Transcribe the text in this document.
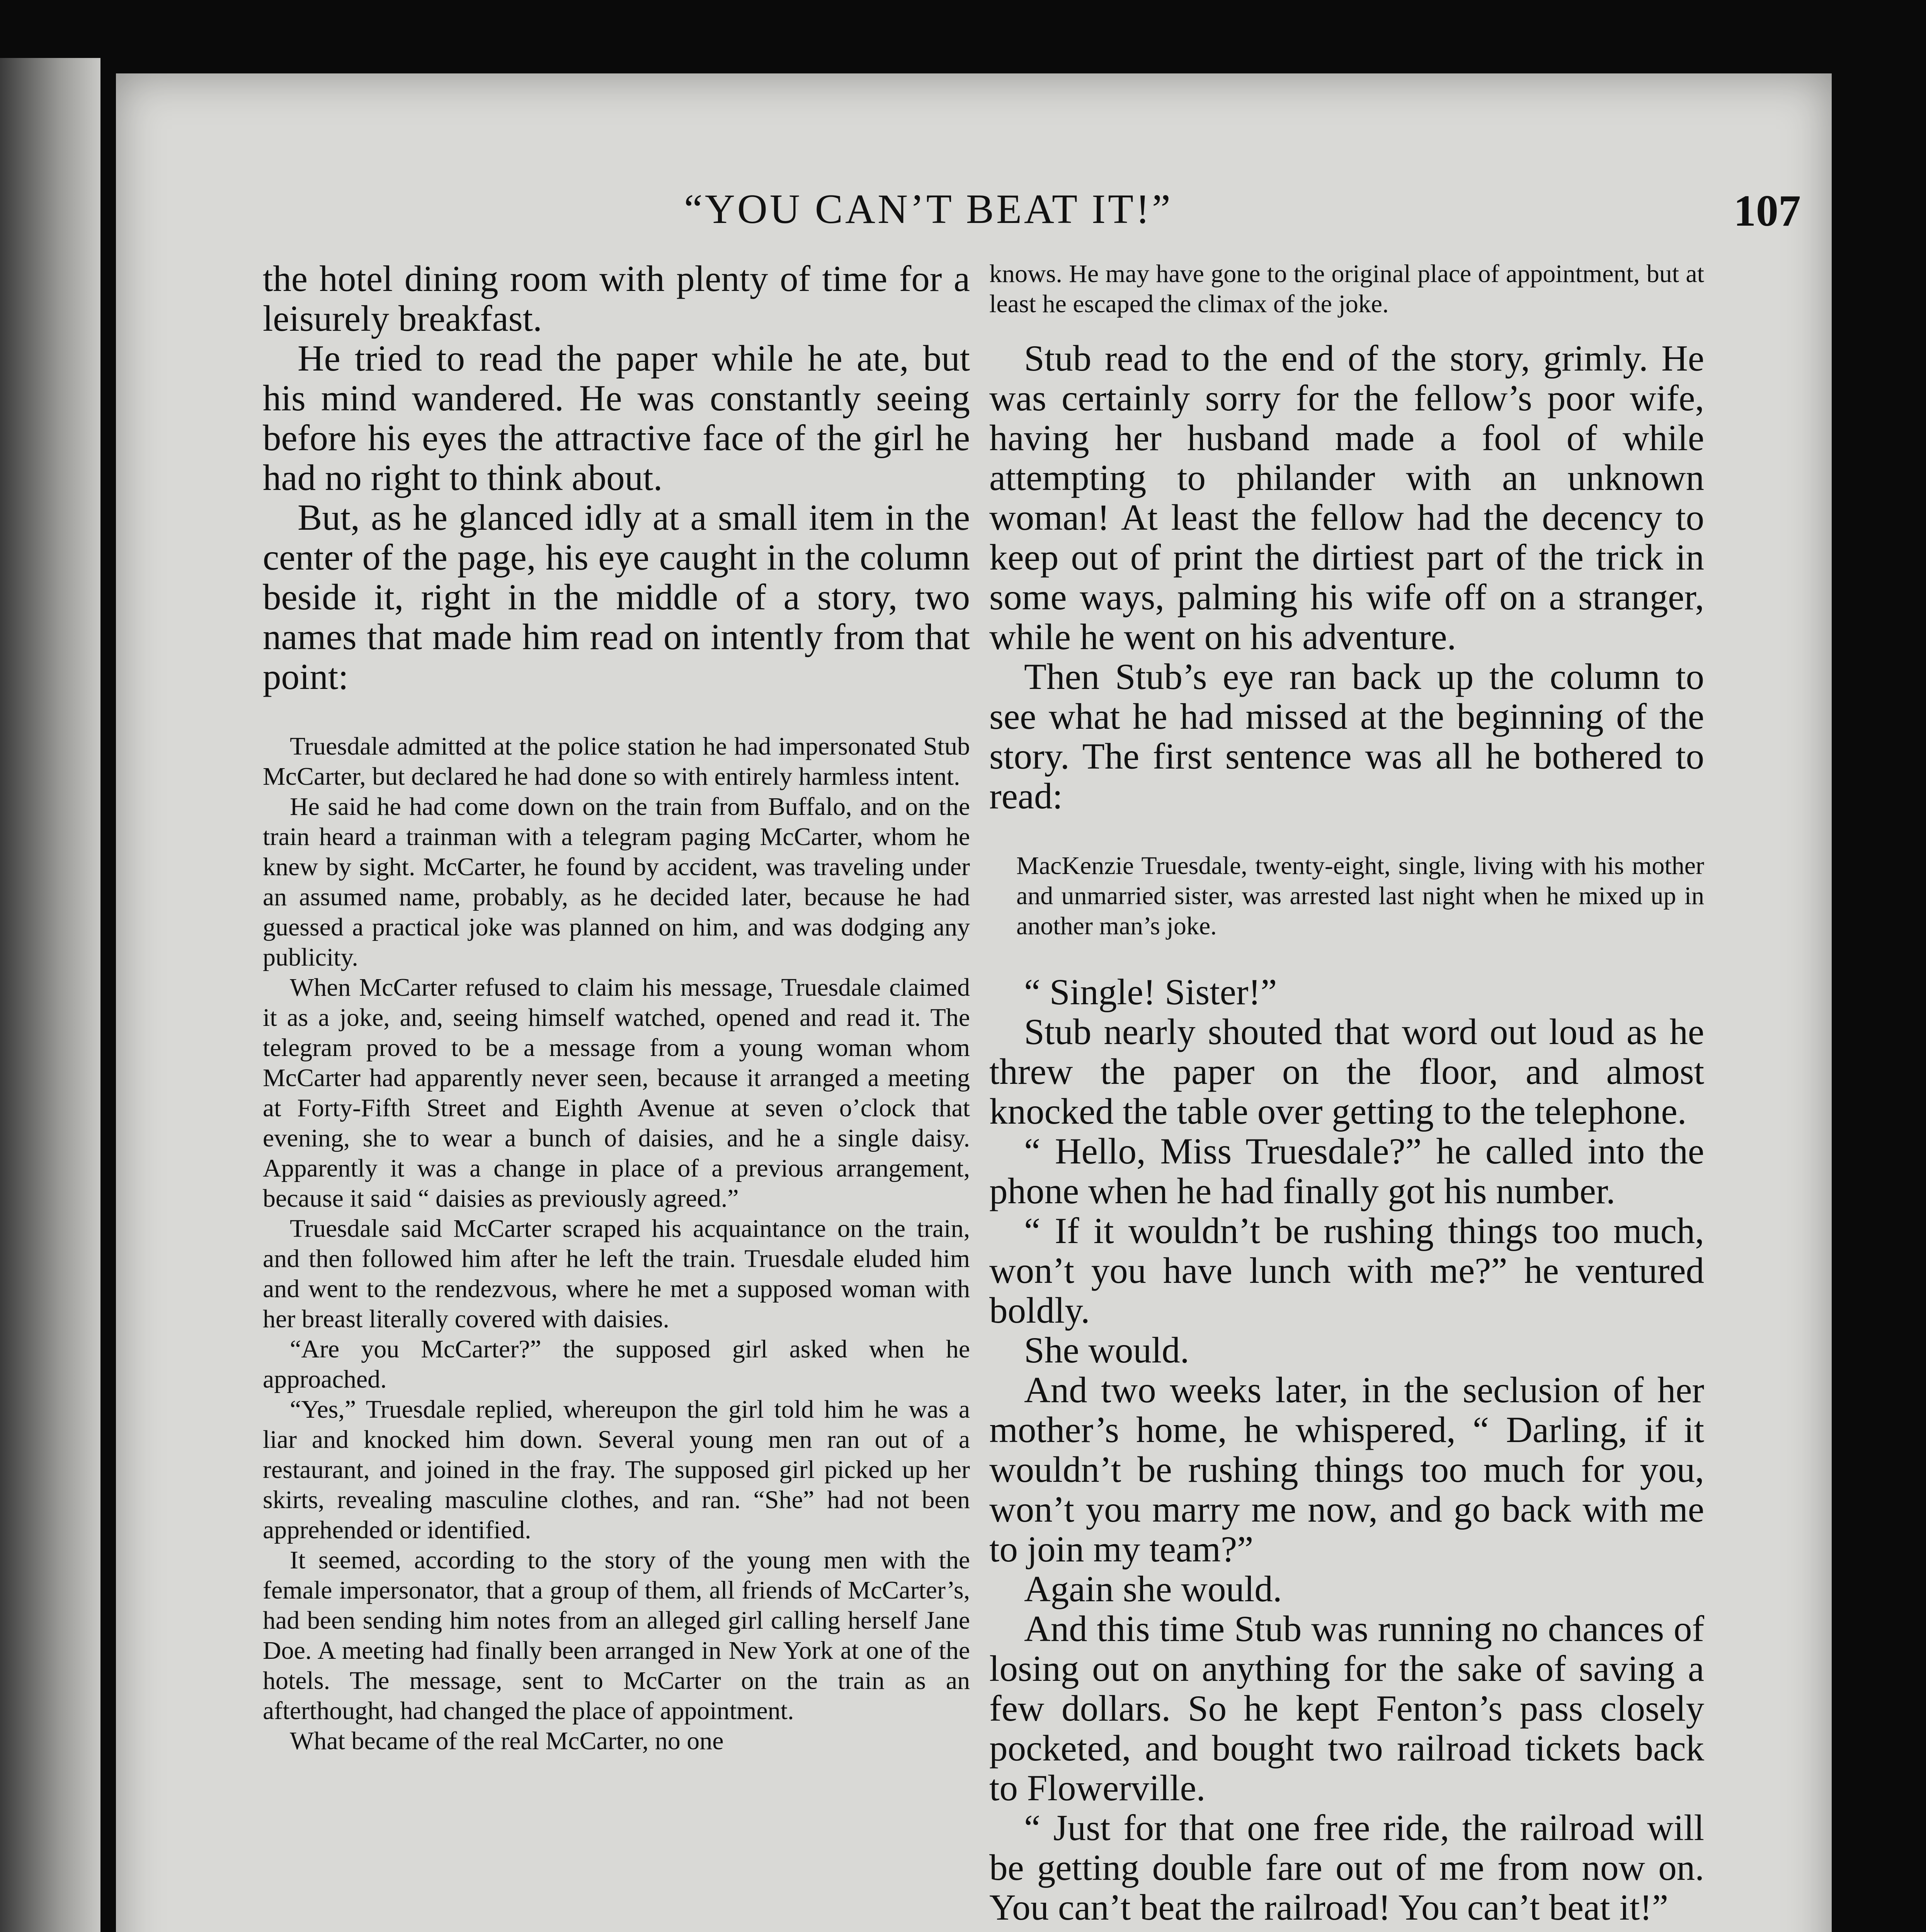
“YOU CAN’T BEAT IT!”	107

the hotel dining room with plenty of time for a leisurely breakfast.

He tried to read the paper while he ate, but his mind wandered. He was constantly seeing before his eyes the attractive face of the girl he had no right to think about.

But, as he glanced idly at a small item in the center of the page, his eye caught in the column beside it, right in the middle of a story, two names that made him read on intently from that point:

Truesdale admitted at the police station he had impersonated Stub McCarter, but declared he had done so with entirely harmless intent.

He said he had come down on the train from Buffalo, and on the train heard a trainman with a telegram paging McCarter, whom he knew by sight. McCarter, he found by accident, was traveling under an assumed name, probably, as he decided later, because he had guessed a practical joke was planned on him, and was dodging any publicity.

When McCarter refused to claim his message, Truesdale claimed it as a joke, and, seeing himself watched, opened and read it. The telegram proved to be a message from a young woman whom McCarter had apparently never seen, because it arranged a meeting at Forty-Fifth Street and Eighth Avenue at seven o’clock that evening, she to wear a bunch of daisies, and he a single daisy. Apparently it was a change in place of a previous arrangement, because it said “ daisies as previously agreed.”

Truesdale said McCarter scraped his acquaintance on the train, and then followed him after he left the train. Truesdale eluded him and went to the rendezvous, where he met a supposed woman with her breast literally covered with daisies.

“Are you McCarter?” the supposed girl asked when he approached.

“Yes,” Truesdale replied, whereupon the girl told him he was a liar and knocked him down. Several young men ran out of a restaurant, and joined in the fray. The supposed girl picked up her skirts, revealing masculine clothes, and ran. “She” had not been apprehended or identified.

It seemed, according to the story of the young men with the female impersonator, that a group of them, all friends of McCarter’s, had been sending him notes from an alleged girl calling herself Jane Doe. A meeting had finally been arranged in New York at one of the hotels. The message, sent to McCarter on the train as an afterthought, had changed the place of appointment.

What became of the real McCarter, no one

knows. He may have gone to the original place of appointment, but at least he escaped the climax of the joke.

Stub read to the end of the story, grimly. He was certainly sorry for the fellow’s poor wife, having her husband made a fool of while attempting to philander with an unknown woman! At least the fellow had the decency to keep out of print the dirtiest part of the trick in some ways, palming his wife off on a stranger, while he went on his adventure.

Then Stub’s eye ran back up the column to see what he had missed at the beginning of the story. The first sentence was all he bothered to read:

MacKenzie Truesdale, twenty-eight, single, living with his mother and unmarried sister, was arrested last night when he mixed up in another man’s joke.

“ Single! Sister!”

Stub nearly shouted that word out loud as he threw the paper on the floor, and almost knocked the table over getting to the telephone.

“ Hello, Miss Truesdale?” he called into the phone when he had finally got his number.

“ If it wouldn’t be rushing things too much, won’t you have lunch with me?” he ventured boldly.

She would.

And two weeks later, in the seclusion of her mother’s home, he whispered, “ Darling, if it wouldn’t be rushing things too much for you, won’t you marry me now, and go back with me to join my team?”

Again she would.

And this time Stub was running no chances of losing out on anything for the sake of saving a few dollars. So he kept Fenton’s pass closely pocketed, and bought two railroad tickets back to Flowerville.

“ Just for that one free ride, the railroad will be getting double fare out of me from now on. You can’t beat the railroad! You can’t beat it!”
